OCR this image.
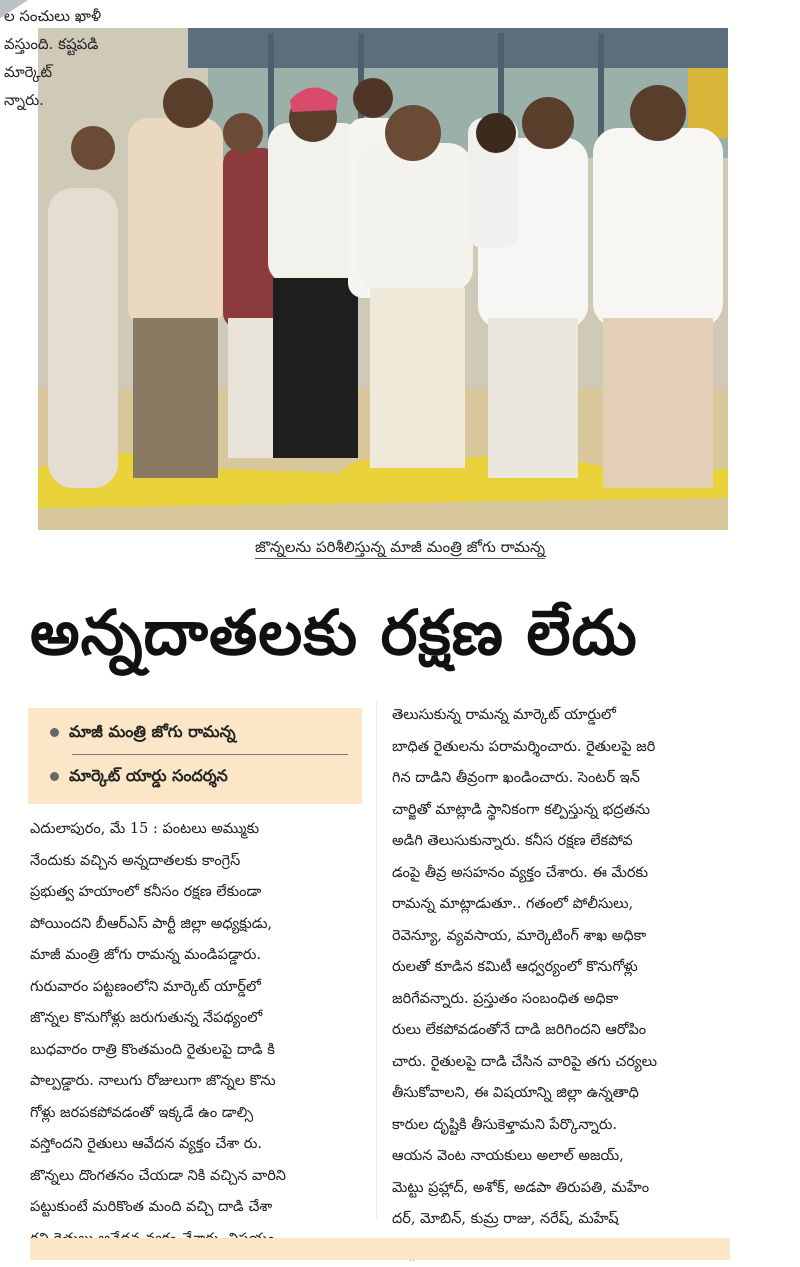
ల సంచులు ఖాళీ
వస్తుంది. కష్టపడి
మార్కెట్
న్నారు.
జొన్నలను పరిశీలిస్తున్న మాజీ మంత్రి జోగు రామన్న
అన్నదాతలకు రక్షణ లేదు
మాజీ మంత్రి జోగు రామన్న
మార్కెట్ యార్డు సందర్శన
ఎదులాపురం, మే 15 : పంటలు అమ్ముకు
నేందుకు వచ్చిన అన్నదాతలకు కాంగ్రెస్
ప్రభుత్వ హయాంలో కనీసం రక్షణ లేకుండా
పోయిందని బీఆర్ఎస్ పార్టీ జిల్లా అధ్యక్షుడు,
మాజీ మంత్రి జోగు రామన్న మండిపడ్డారు.
గురువారం పట్టణంలోని మార్కెట్ యార్డ్‌లో
జొన్నల కొనుగోళ్లు జరుగుతున్న నేపథ్యంలో
బుధవారం రాత్రి కొంతమంది రైతులపై దాడి కి
పాల్పడ్డారు. నాలుగు రోజులుగా జొన్నల కొను
గోళ్లు జరపకపోవడంతో ఇక్కడే ఉం డాల్సి
వస్తోందని రైతులు ఆవేదన వ్యక్తం చేశా రు.
జొన్నలు దొంగతనం చేయడా నికి వచ్చిన వారిని
పట్టుకుంటే మరికొంత మంది వచ్చి దాడి చేశా
తెలుసుకున్న రామన్న మార్కెట్ యార్డులో
బాధిత రైతులను పరామర్శించారు. రైతులపై జరి
గిన దాడిని తీవ్రంగా ఖండించారు. సెంటర్ ఇన్
చార్జితో మాట్లాడి స్థానికంగా కల్పిస్తున్న భద్రతను
అడిగి తెలుసుకున్నారు. కనీస రక్షణ లేకపోవ
డంపై తీవ్ర అసహనం వ్యక్తం చేశారు. ఈ మేరకు
రామన్న మాట్లాడుతూ.. గతంలో పోలీసులు,
రెవెన్యూ, వ్యవసాయ, మార్కెటింగ్ శాఖ అధికా
రులతో కూడిన కమిటీ ఆధ్వర్యంలో కొనుగోళ్లు
జరిగేవన్నారు. ప్రస్తుతం సంబంధిత అధికా
రులు లేకపోవడంతోనే దాడి జరిగిందని ఆరోపిం
చారు. రైతులపై దాడి చేసిన వారిపై తగు చర్యలు
తీసుకోవాలని, ఈ విషయాన్ని జిల్లా ఉన్నతాధి
కారుల దృష్టికి తీసుకెళ్తామని పేర్కొన్నారు.
ఆయన వెంట నాయకులు అలాల్ అజయ్,
మెట్టు ప్రహ్లాద్, అశోక్, అడపా తిరుపతి, మహేం
దర్, మోబిన్, కుమ్ర రాజు, నరేష్, మహేష్
